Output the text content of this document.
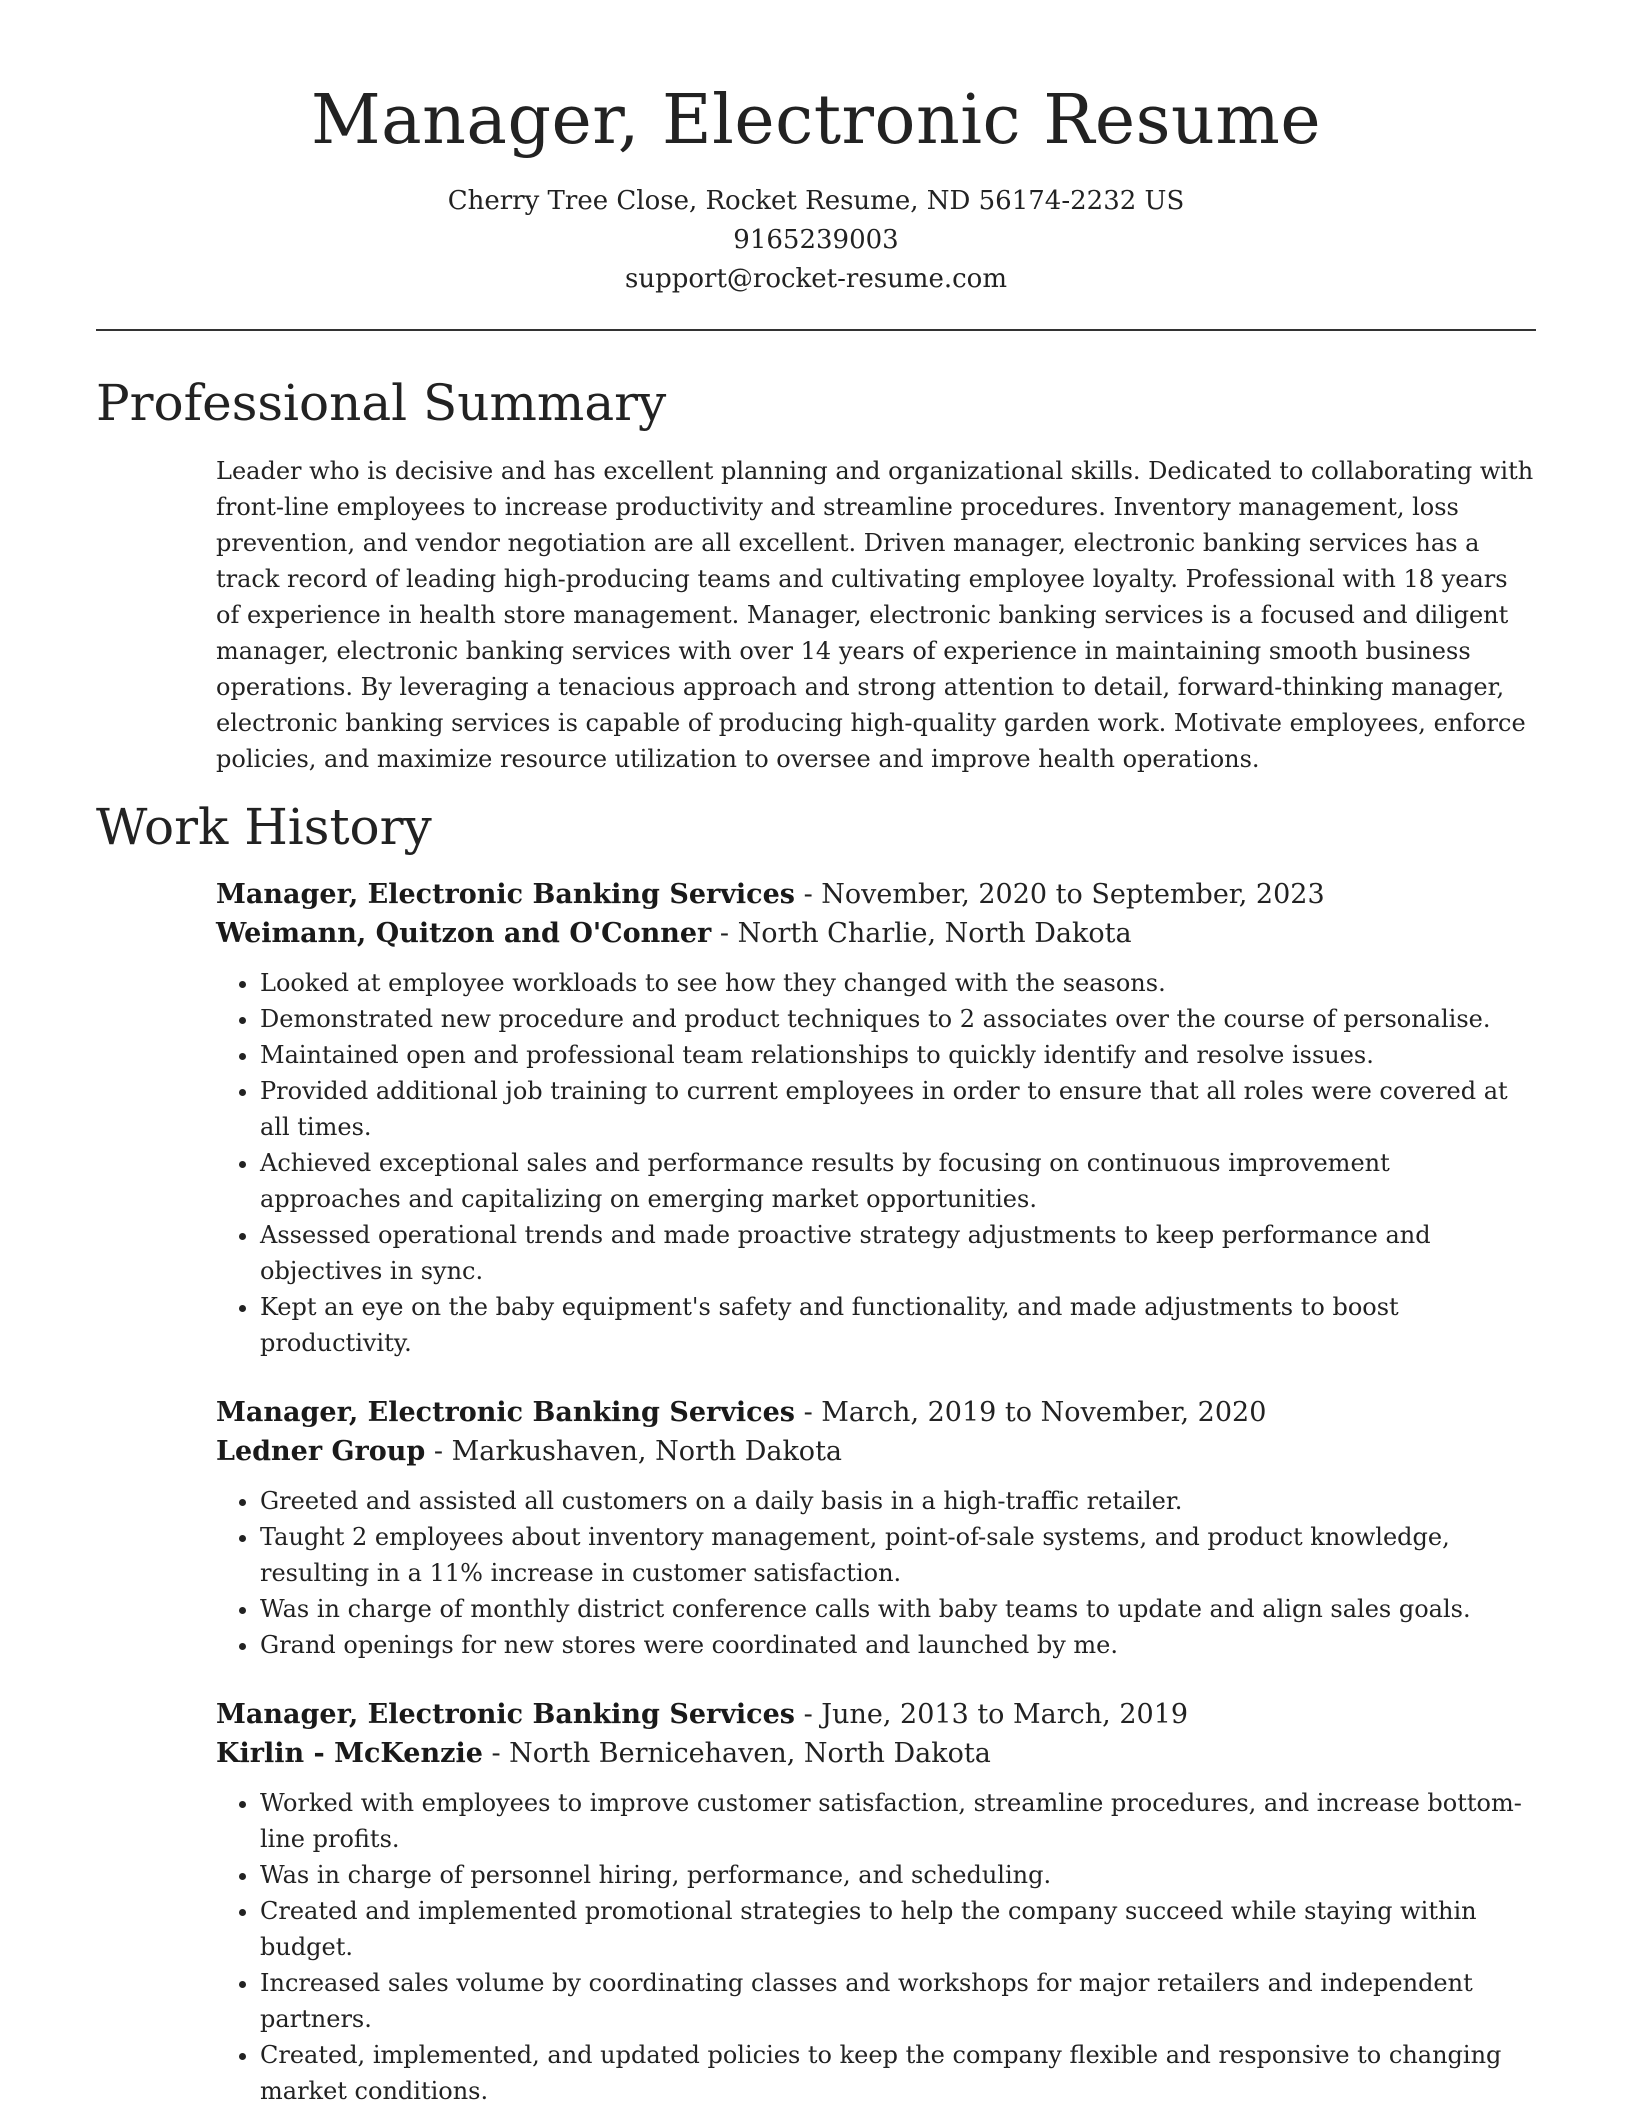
Manager, Electronic Resume
Cherry Tree Close, Rocket Resume, ND 56174-2232 US
9165239003
support@rocket-resume.com
Professional Summary
Leader who is decisive and has excellent planning and organizational skills. Dedicated to collaborating with front-line employees to increase productivity and streamline procedures. Inventory management, loss prevention, and vendor negotiation are all excellent. Driven manager, electronic banking services has a track record of leading high-producing teams and cultivating employee loyalty. Professional with 18 years of experience in health store management. Manager, electronic banking services is a focused and diligent manager, electronic banking services with over 14 years of experience in maintaining smooth business operations. By leveraging a tenacious approach and strong attention to detail, forward-thinking manager, electronic banking services is capable of producing high-quality garden work. Motivate employees, enforce policies, and maximize resource utilization to oversee and improve health operations.
Work History
Manager, Electronic Banking Services - November, 2020 to September, 2023
Weimann, Quitzon and O'Conner - North Charlie, North Dakota
• Looked at employee workloads to see how they changed with the seasons.
• Demonstrated new procedure and product techniques to 2 associates over the course of personalise.
• Maintained open and professional team relationships to quickly identify and resolve issues.
• Provided additional job training to current employees in order to ensure that all roles were covered at all times.
• Achieved exceptional sales and performance results by focusing on continuous improvement approaches and capitalizing on emerging market opportunities.
• Assessed operational trends and made proactive strategy adjustments to keep performance and objectives in sync.
• Kept an eye on the baby equipment's safety and functionality, and made adjustments to boost productivity.
Manager, Electronic Banking Services - March, 2019 to November, 2020
Ledner Group - Markushaven, North Dakota
• Greeted and assisted all customers on a daily basis in a high-traffic retailer.
• Taught 2 employees about inventory management, point-of-sale systems, and product knowledge, resulting in a 11% increase in customer satisfaction.
• Was in charge of monthly district conference calls with baby teams to update and align sales goals.
• Grand openings for new stores were coordinated and launched by me.
Manager, Electronic Banking Services - June, 2013 to March, 2019
Kirlin - McKenzie - North Bernicehaven, North Dakota
• Worked with employees to improve customer satisfaction, streamline procedures, and increase bottom-line profits.
• Was in charge of personnel hiring, performance, and scheduling.
• Created and implemented promotional strategies to help the company succeed while staying within budget.
• Increased sales volume by coordinating classes and workshops for major retailers and independent partners.
• Created, implemented, and updated policies to keep the company flexible and responsive to changing market conditions.
